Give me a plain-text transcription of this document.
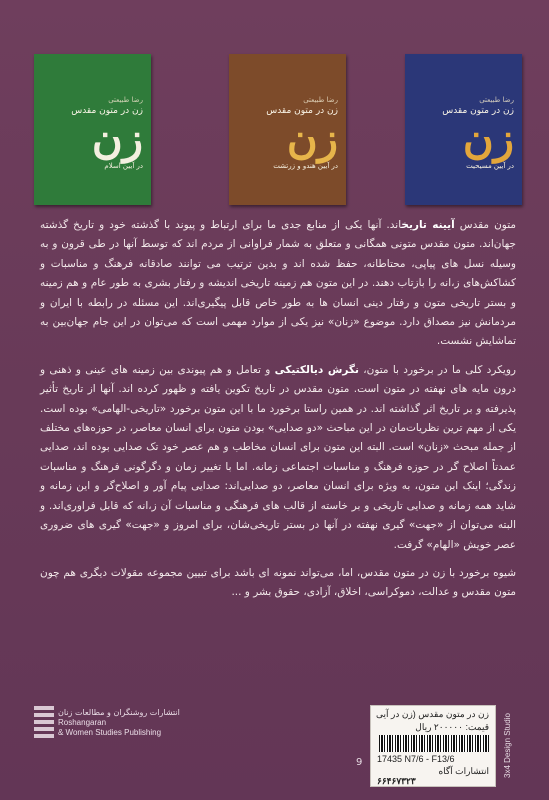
رضا طبیعتی
زن در متون مقدس
زن
در آیین اسلام
رضا طبیعتی
زن در متون مقدس
زن
در آیین هندو و زرتشت
رضا طبیعتی
زن در متون مقدس
زن
در آیین مسیحیت

متون مقدس آیینه تاریخاند. آنها یکی از منابع جدی ما برای ارتباط و پیوند با گذشته خود و تاریخ گذشته جهان‌اند. متون مقدس متونی همگانی و متعلق به شمار فراوانی از مردم اند که توسط آنها در طی قرون و به وسیله نسل های پیاپی، محتاطانه، حفظ شده اند و بدین ترتیب می توانند صادقانه فرهنگ و مناسبات و کشاکش‌های ز،انه را بازتاب دهند. در این متون هم زمینه تاریخی اندیشه و رفتار بشری به طور عام و هم زمینه و بستر تاریخی متون و رفتار دینی انسان ها به طور خاص قابل پیگیری‌اند. این مسئله در رابطه با ایران و مردمانش نیز مصداق دارد. موضوع «زنان» نیز یکی از موارد مهمی است که می‌توان در این جام جهان‌بین به تماشایش نشست.

رویکرد کلی ما در برخورد با متون، نگرش دیالکتیکی و تعامل و هم پیوندی بین زمینه های عینی و ذهنی و درون مایه های نهفته در متون است. متون مقدس در تاریخ تکوین یافته و ظهور کرده اند. آنها از تاریخ تأثیر پذیرفته و بر تاریخ اثر گذاشته اند. در همین راستا برخورد ما با این متون برخورد «تاریخی-الهامی» بوده است. یکی از مهم ترین نظریات‌مان در این مباحث «دو صدایی» بودن متون برای انسان معاصر، در حوزه‌های مختلف از جمله مبحث «زنان» است. البته این متون برای انسان مخاطب و هم عصر خود تک صدایی بوده اند، صدایی عمدتاً اصلاح گر در حوزه فرهنگ و مناسبات اجتماعی زمانه. اما با تغییر زمان و دگرگونی فرهنگ و مناسبات زندگی؛ اینک این متون، به ویژه برای انسان معاصر، دو صدایی‌اند: صدایی پیام آور و اصلاح‌گر و این زمانه و شاید همه زمانه و صدایی تاریخی و بر خاسته از قالب های فرهنگی و مناسبات آن ز،انه که قابل فراوری‌اند. و البته می‌توان از «جهت» گیری نهفته در آنها در بستر تاریخی‌شان، برای امروز و «جهت» گیری های ضروری عصر خویش «الهام» گرفت.

شیوه برخورد با زن در متون مقدس، اما، می‌تواند نمونه ای باشد برای تبیین مجموعه مقولات دیگری هم چون متون مقدس و عدالت، دموکراسی، اخلاق، آزادی، حقوق بشر و ...

انتشارات روشنگران و مطالعات زنان
Roshangaran
& Women Studies Publishing
9
زن در متون مقدس (زن در آیی
قیمت: ۲۰۰۰۰۰ ریال
17435 N7/6 - F13/6
انتشارات آگاه
۶۶۴۶۷۳۲۳
3x4 Design Studio
